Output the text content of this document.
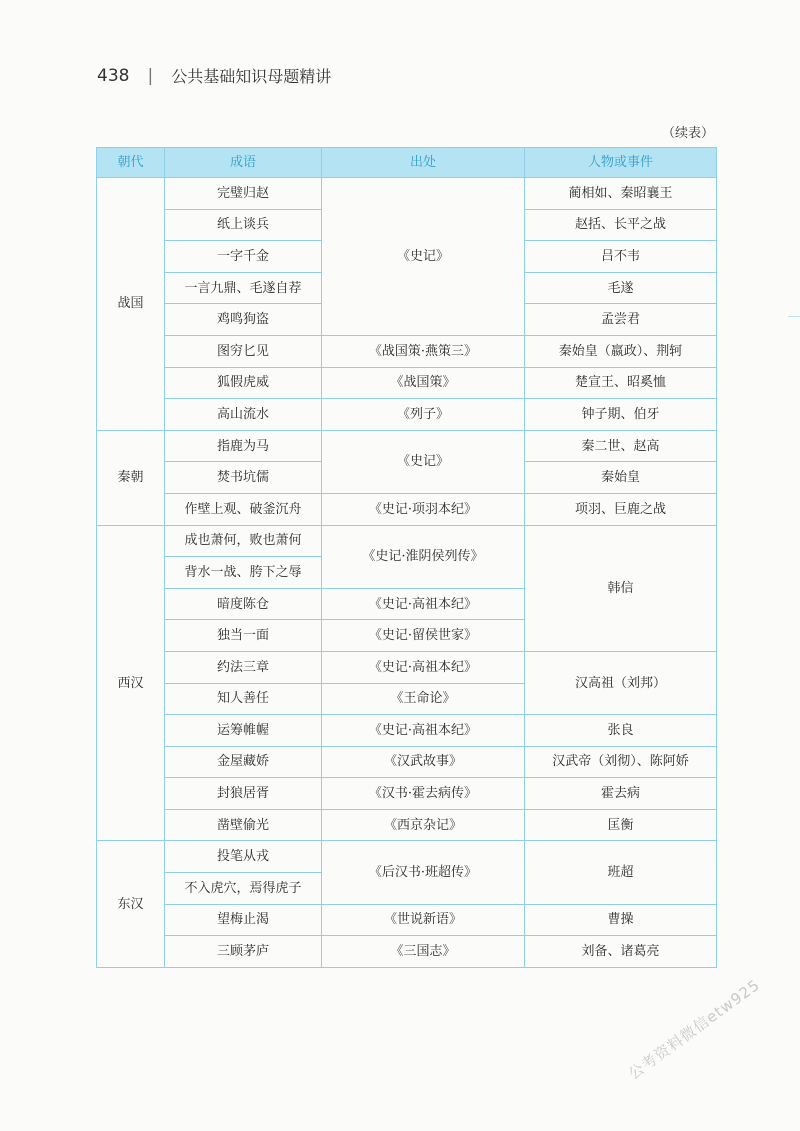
438 | 公共基础知识母题精讲
（续表）
朝代	成语	出处	人物或事件
战国	完璧归赵	《史记》	蔺相如、秦昭襄王
	纸上谈兵		赵括、长平之战
	一字千金		吕不韦
	一言九鼎、毛遂自荐		毛遂
	鸡鸣狗盗		孟尝君
	图穷匕见	《战国策·燕策三》	秦始皇（嬴政）、荆轲
	狐假虎威	《战国策》	楚宣王、昭奚恤
	高山流水	《列子》	钟子期、伯牙
秦朝	指鹿为马	《史记》	秦二世、赵高
	焚书坑儒		秦始皇
	作壁上观、破釜沉舟	《史记·项羽本纪》	项羽、巨鹿之战
西汉	成也萧何，败也萧何	《史记·淮阴侯列传》	韩信
	背水一战、胯下之辱		
	暗度陈仓	《史记·高祖本纪》	
	独当一面	《史记·留侯世家》	
	约法三章	《史记·高祖本纪》	汉高祖（刘邦）
	知人善任	《王命论》	
	运筹帷幄	《史记·高祖本纪》	张良
	金屋藏娇	《汉武故事》	汉武帝（刘彻）、陈阿娇
	封狼居胥	《汉书·霍去病传》	霍去病
	凿壁偷光	《西京杂记》	匡衡
东汉	投笔从戎	《后汉书·班超传》	班超
	不入虎穴，焉得虎子		
	望梅止渴	《世说新语》	曹操
	三顾茅庐	《三国志》	刘备、诸葛亮
公考资料微信etw925
